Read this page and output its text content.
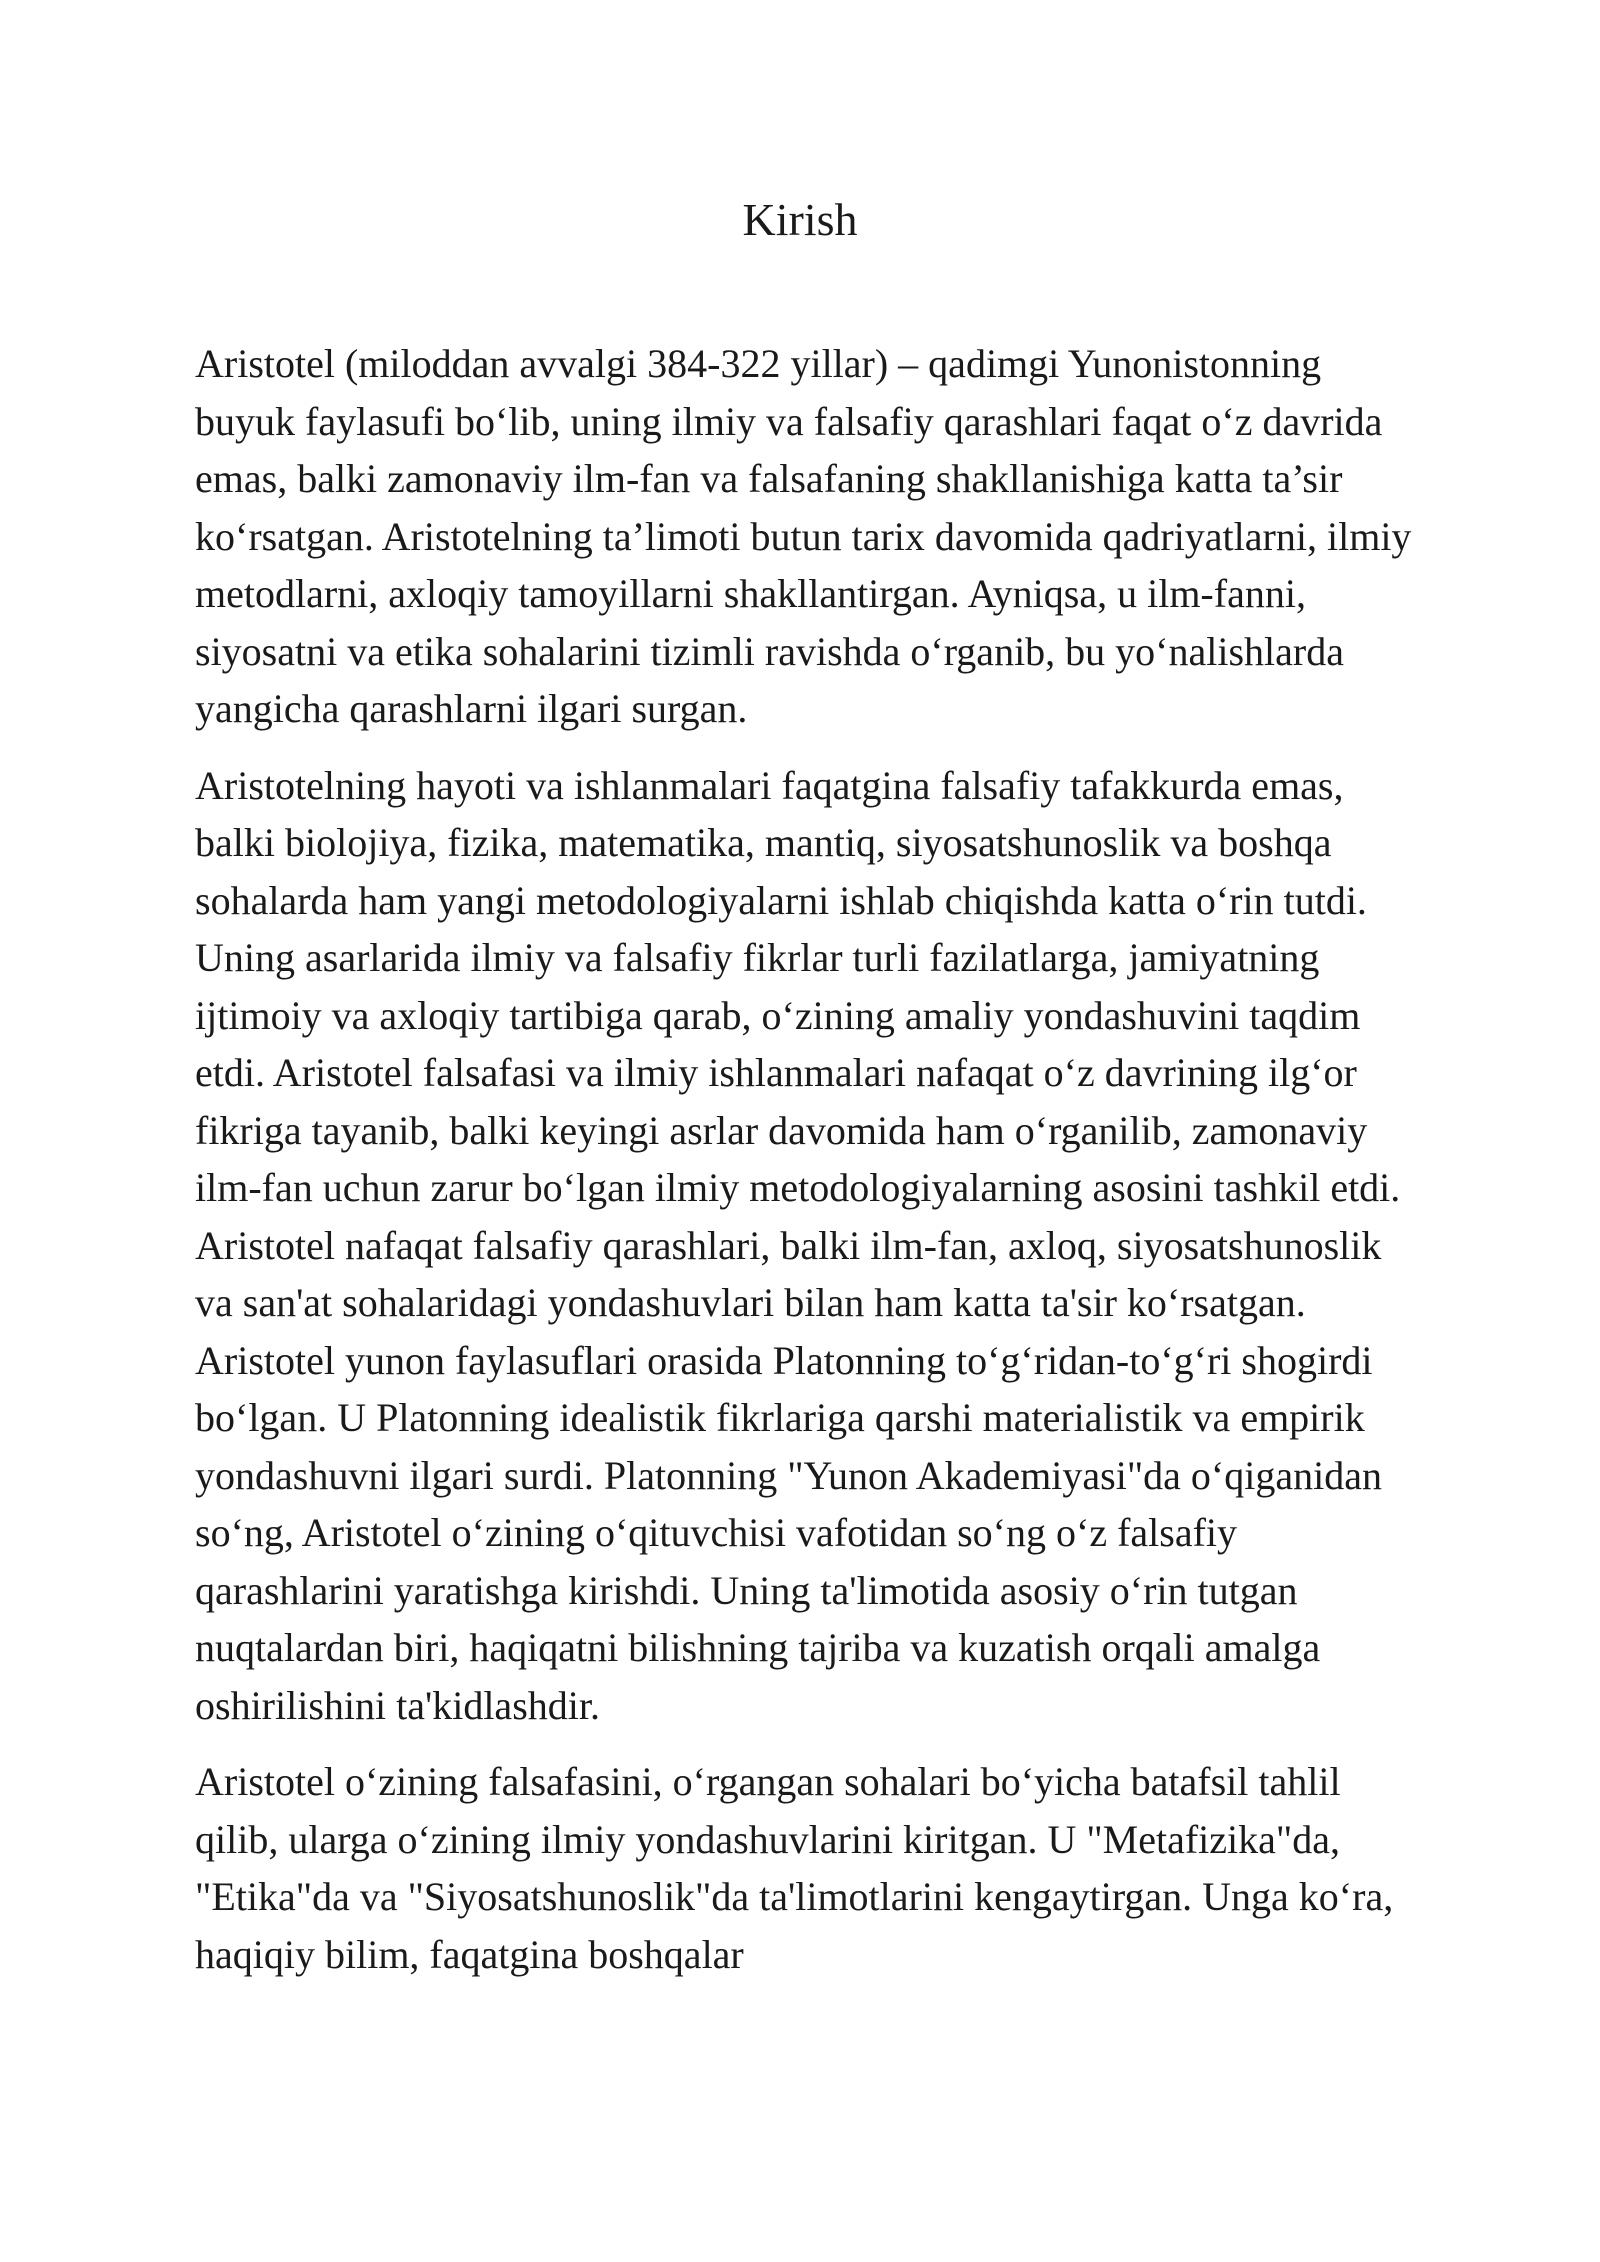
Kirish

Aristotel (miloddan avvalgi 384-322 yillar) – qadimgi Yunonistonning buyuk faylasufi boʻlib, uning ilmiy va falsafiy qarashlari faqat oʻz davrida emas, balki zamonaviy ilm-fan va falsafaning shakllanishiga katta ta’sir koʻrsatgan. Aristotelning ta’limoti butun tarix davomida qadriyatlarni, ilmiy metodlarni, axloqiy tamoyillarni shakllantirgan. Ayniqsa, u ilm-fanni, siyosatni va etika sohalarini tizimli ravishda oʻrganib, bu yoʻnalishlarda yangicha qarashlarni ilgari surgan.

Aristotelning hayoti va ishlanmalari faqatgina falsafiy tafakkurda emas, balki biolojiya, fizika, matematika, mantiq, siyosatshunoslik va boshqa sohalarda ham yangi metodologiyalarni ishlab chiqishda katta oʻrin tutdi. Uning asarlarida ilmiy va falsafiy fikrlar turli fazilatlarga, jamiyatning ijtimoiy va axloqiy tartibiga qarab, oʻzining amaliy yondashuvini taqdim etdi. Aristotel falsafasi va ilmiy ishlanmalari nafaqat oʻz davrining ilgʻor fikriga tayanib, balki keyingi asrlar davomida ham oʻrganilib, zamonaviy ilm-fan uchun zarur boʻlgan ilmiy metodologiyalarning asosini tashkil etdi. Aristotel nafaqat falsafiy qarashlari, balki ilm-fan, axloq, siyosatshunoslik va san'at sohalaridagi yondashuvlari bilan ham katta ta'sir koʻrsatgan. Aristotel yunon faylasuflari orasida Platonning toʻgʻridan-toʻgʻri shogirdi boʻlgan. U Platonning idealistik fikrlariga qarshi materialistik va empirik yondashuvni ilgari surdi. Platonning "Yunon Akademiyasi"da oʻqiganidan soʻng, Aristotel oʻzining oʻqituvchisi vafotidan soʻng oʻz falsafiy qarashlarini yaratishga kirishdi. Uning ta'limotida asosiy oʻrin tutgan nuqtalardan biri, haqiqatni bilishning tajriba va kuzatish orqali amalga oshirilishini ta'kidlashdir.

Aristotel oʻzining falsafasini, oʻrgangan sohalari boʻyicha batafsil tahlil qilib, ularga oʻzining ilmiy yondashuvlarini kiritgan. U "Metafizika"da, "Etika"da va "Siyosatshunoslik"da ta'limotlarini kengaytirgan. Unga koʻra, haqiqiy bilim, faqatgina boshqalar
